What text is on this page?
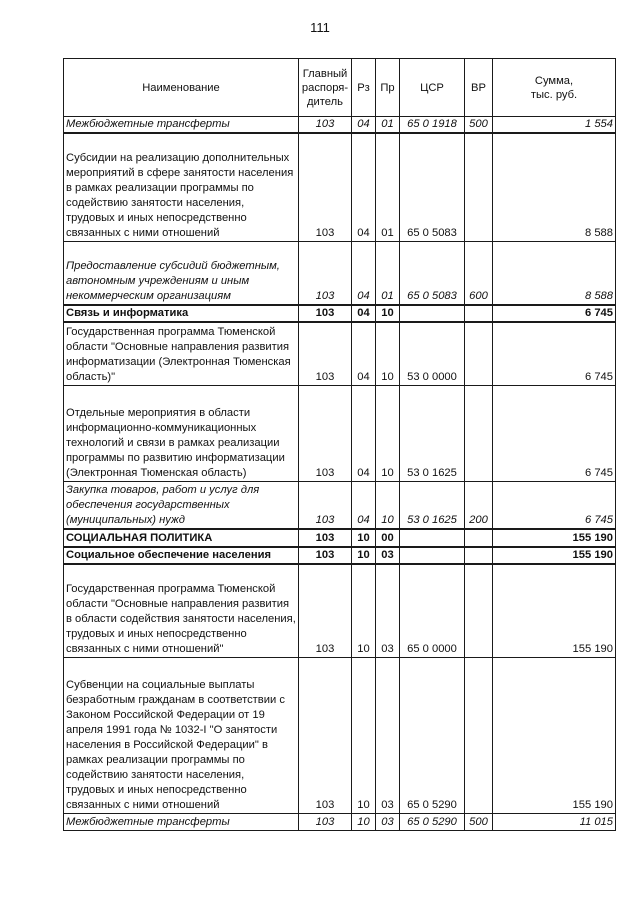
111
Наименование	Главный
распоря-
дитель	Рз	Пр	ЦСР	ВР	Сумма,
тыс. руб.
Межбюджетные трансферты	103	04	01	65 0 1918	500	1 554
Субсидии на реализацию дополнительных мероприятий в сфере занятости населения в рамках реализации программы по содействию занятости населения, трудовых и иных непосредственно связанных с ними отношений	103	04	01	65 0 5083		8 588
Предоставление субсидий бюджетным, автономным учреждениям и иным некоммерческим организациям	103	04	01	65 0 5083	600	8 588
Связь и информатика	103	04	10			6 745
Государственная программа Тюменской области "Основные направления развития информатизации (Электронная Тюменская область)"	103	04	10	53 0 0000		6 745
Отдельные мероприятия в области информационно-коммуникационных технологий и связи в рамках реализации программы по развитию информатизации (Электронная Тюменская область)	103	04	10	53 0 1625		6 745
Закупка товаров, работ и услуг для обеспечения государственных (муниципальных) нужд	103	04	10	53 0 1625	200	6 745
СОЦИАЛЬНАЯ ПОЛИТИКА	103	10	00			155 190
Социальное обеспечение населения	103	10	03			155 190
Государственная программа Тюменской области "Основные направления развития в области содействия занятости населения, трудовых и иных непосредственно связанных с ними отношений"	103	10	03	65 0 0000		155 190
Субвенции на социальные выплаты безработным гражданам в соответствии с Законом Российской Федерации от 19 апреля 1991 года № 1032-I "О занятости населения в Российской Федерации" в рамках реализации программы по содействию занятости населения, трудовых и иных непосредственно связанных с ними отношений	103	10	03	65 0 5290		155 190
Межбюджетные трансферты	103	10	03	65 0 5290	500	11 015
